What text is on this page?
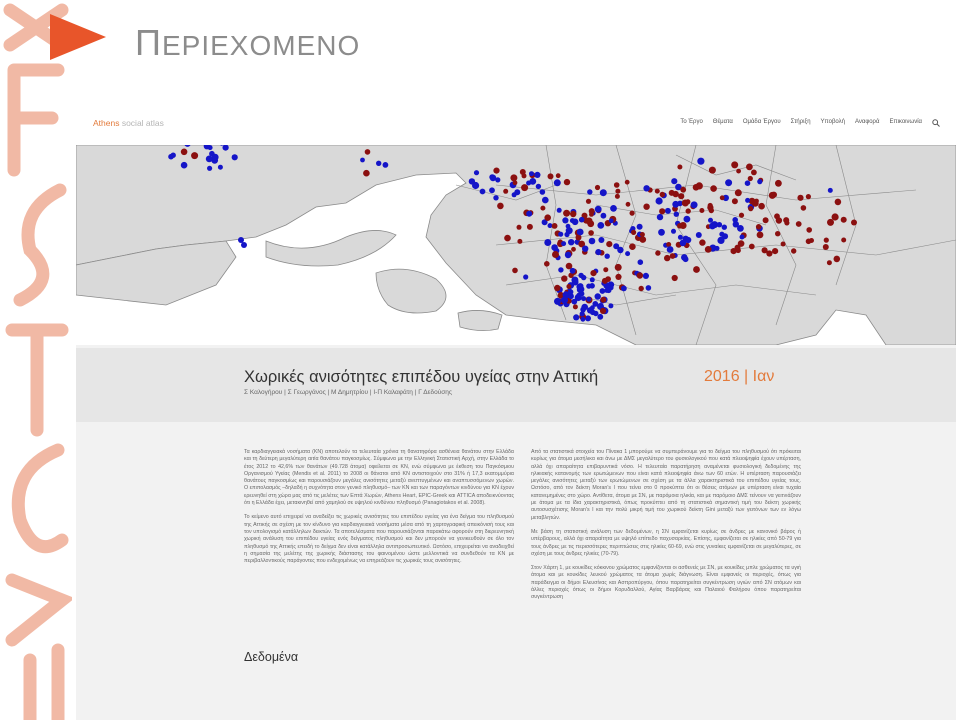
ΠΕΡΙΕΧΟΜΕΝΟ
Athens social atlas	Το Έργο Θέματα Ομάδα Έργου Στήριξη Υποβολή Αναφορά Επικοινωνία
Χωρικές ανισότητες επιπέδου υγείας στην Αττική	2016 | Ιαν
Σ Καλογήρου | Σ Γεωργάνος | Μ Δημητρίου | Ι-Π Καλαφάτη | Γ Δεδούσης

Τα καρδιαγγειακά νοσήματα (ΚΝ) αποτελούν τα τελευταία χρόνια τη θανατηφόρα ασθένεια θανάτου στην Ελλάδα και τη δεύτερη μεγαλύτερη αιτία θανάτου παγκοσμίως. Σύμφωνα με την Ελληνική Στατιστική Αρχή, στην Ελλάδα το έτος 2012 το 42,6% των θανάτων (49.728 άτομα) οφείλεται σε ΚΝ, ενώ σύμφωνα με έκθεση του Παγκόσμιου Οργανισμού Υγείας (Mendis et al. 2011) το 2008 οι θάνατοι από ΚΝ αντιστοιχούν στο 31% ή 17,3 εκατομμύρια θανάτους παγκοσμίως και παρουσιάζουν μεγάλες ανισότητες μεταξύ ανεπτυγμένων και αναπτυσσόμενων χωρών. Ο επιπολασμός –δηλαδή η συχνότητα στον γενικό πληθυσμό– των ΚΝ και των παραγόντων κινδύνου για ΚΝ έχουν ερευνηθεί στη χώρα μας από τις μελέτες των Επτά Χωρών, Athens Heart, EPIC-Greek και ATTICA αποδεικνύοντας ότι η Ελλάδα έχει, μετακινηθεί από χαμηλού σε υψηλού κινδύνου πληθυσμό (Panagiotakos et al. 2008).

Το κείμενο αυτό επιχειρεί να αναδείξει τις χωρικές ανισότητες του επιπέδου υγείας για ένα δείγμα του πληθυσμού της Αττικής σε σχέση με τον κίνδυνο για καρδιαγγειακά νοσήματα μέσα από τη χαρτογραφική απεικόνισή τους και τον υπολογισμό κατάλληλων δεικτών. Τα αποτελέσματα που παρουσιάζονται παρακάτω αφορούν στη διερευνητική χωρική ανάλυση του επιπέδου υγείας ενός δείγματος πληθυσμού και δεν μπορούν να γενικευθούν σε όλο τον πληθυσμό της Αττικής επειδή το δείγμα δεν είναι κατάλληλα αντιπροσωπευτικό. Ωστόσο, επιχειρείται να αναδειχθεί η σημασία της μελέτης της χωρικής διάστασης του φαινομένου ώστε μελλοντικά να συνδεθούν τα ΚΝ με περιβαλλοντικούς παράγοντες που ενδεχομένως να επηρεάζουν τις χωρικές τους ανισότητες.

Δεδομένα

Από τα στατιστικά στοιχεία του Πίνακα 1 μπορούμε να συμπεράνουμε για το δείγμα του πληθυσμού ότι πρόκειται κυρίως για άτομα μεσήλικα και άνω με ΔΜΣ μεγαλύτερο του φυσιολογικού που κατά πλειοψηφία έχουν υπέρταση, αλλά όχι απαραίτητα επιβαρυντικά νόσο. Η τελευταία παρατήρηση αναμένεται φυσιολογική δεδομένης της ηλικιακής κατανομής των ερωτώμενων που είναι κατά πλειοψηφία άνω των 60 ετών. Η υπέρταση παρουσιάζει μεγάλες ανισότητες μεταξύ των ερωτώμενων σε σχέση με τα άλλα χαρακτηριστικά του επιπέδου υγείας τους. Ωστόσο, από τον δείκτη Moran's I που τείνει στο 0 προκύπτει ότι οι θέσεις ατόμων με υπέρταση είναι τυχαία κατανεμημένες στο χώρο. Αντίθετα, άτομα με ΣΝ, με παρόμοια ηλικία, και με παρόμοιο ΔΜΣ τείνουν να γειτνιάζουν με άτομα με τα ίδια χαρακτηριστικά, όπως προκύπτει από τη στατιστικά σημαντική τιμή του δείκτη χωρικής αυτοσυσχέτισης Moran's I και την πολύ μικρή τιμή του χωρικού δείκτη Gini μεταξύ των γειτόνων των εν λόγω μεταβλητών.

Με βάση τη στατιστική ανάλυση των δεδομένων, η ΣΝ εμφανίζεται κυρίως σε άνδρες με κανονικό βάρος ή υπέρβαρους, αλλά όχι απαραίτητα με υψηλό επίπεδο παχυσαρκίας. Επίσης, εμφανίζεται σε ηλικίες από 50-79 για τους άνδρες με τις περισσότερες περιπτώσεις στις ηλικίες 60-69, ενώ στις γυναίκες εμφανίζεται σε μεγαλύτερες, σε σχέση με τους άνδρες ηλικίες (70-79).

Στον Χάρτη 1, με κουκίδες κόκκινου χρώματος εμφανίζονται οι ασθενείς με ΣΝ, με κουκίδες μπλε χρώματος τα υγιή άτομα και με κουκίδες λευκού χρώματος τα άτομα χωρίς διάγνωση. Είναι εμφανείς οι περιοχές, όπως για παράδειγμα οι δήμοι Ελευσίνας και Ασπροπύργου, όπου παρατηρείται συγκέντρωση υγιών από ΣΝ ατόμων και άλλες περιοχές όπως οι δήμοι Κορυδαλλού, Αγίας Βαρβάρας και Παλαιού Φαλήρου όπου παρατηρείται συγκέντρωση
